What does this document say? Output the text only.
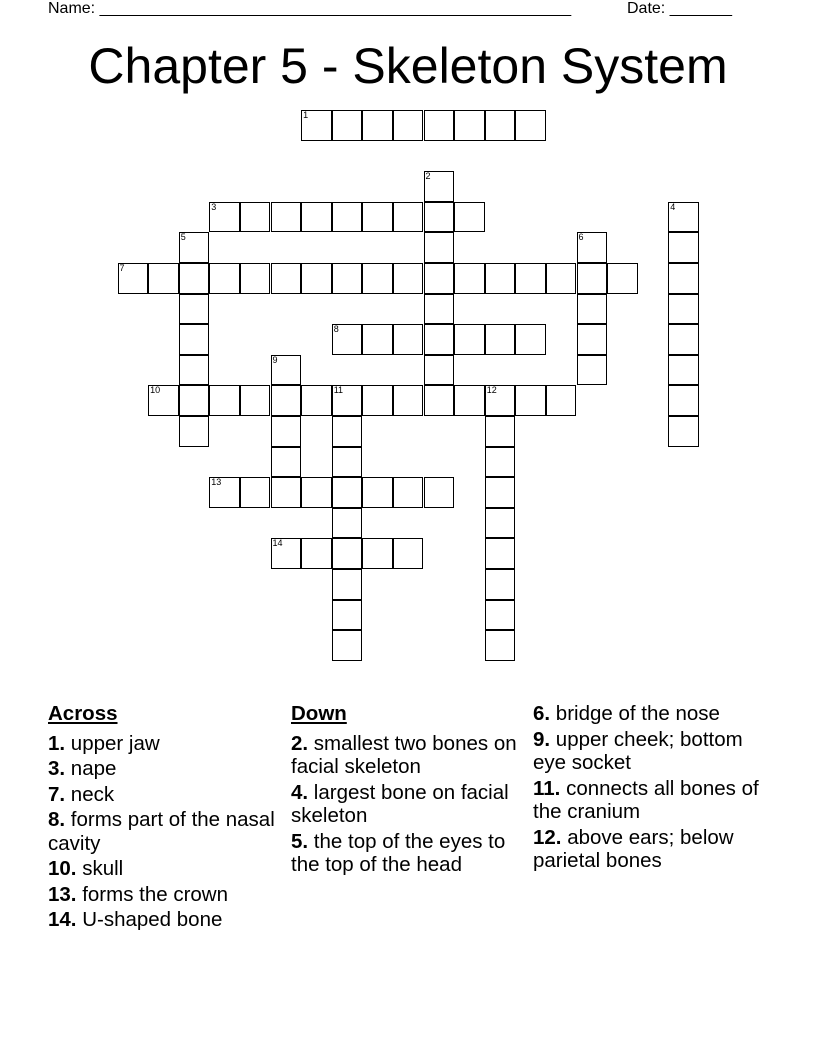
Name: _____________________________________________________	Date: _______
Chapter 5 - Skeleton System
1
2
3	4
5	6
7
8
9
10	11	12
13
14
Across
1. upper jaw
3. nape
7. neck
8. forms part of the nasal cavity
10. skull
13. forms the crown
14. U-shaped bone
Down
2. smallest two bones on facial skeleton
4. largest bone on facial skeleton
5. the top of the eyes to the top of the head
6. bridge of the nose
9. upper cheek; bottom eye socket
11. connects all bones of the cranium
12. above ears; below parietal bones
